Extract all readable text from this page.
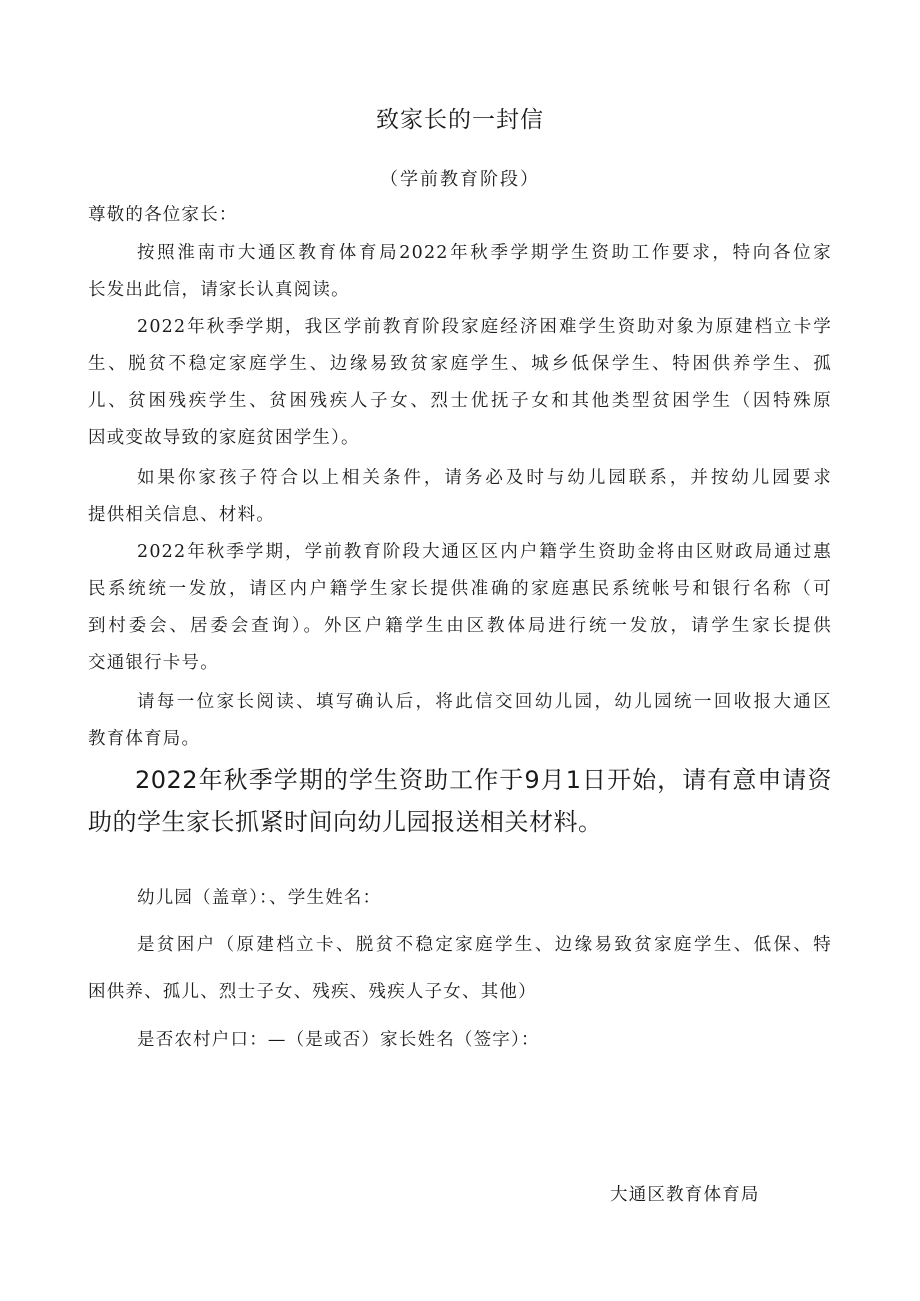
致家长的一封信
（学前教育阶段）
尊敬的各位家长：
按照淮南市大通区教育体育局2022年秋季学期学生资助工作要求，特向各位家
长发出此信，请家长认真阅读。
2022年秋季学期，我区学前教育阶段家庭经济困难学生资助对象为原建档立卡学
生、脱贫不稳定家庭学生、边缘易致贫家庭学生、城乡低保学生、特困供养学生、孤
儿、贫困残疾学生、贫困残疾人子女、烈士优抚子女和其他类型贫困学生（因特殊原
因或变故导致的家庭贫困学生）。
如果你家孩子符合以上相关条件，请务必及时与幼儿园联系，并按幼儿园要求
提供相关信息、材料。
2022年秋季学期，学前教育阶段大通区区内户籍学生资助金将由区财政局通过惠
民系统统一发放，请区内户籍学生家长提供准确的家庭惠民系统帐号和银行名称（可
到村委会、居委会查询）。外区户籍学生由区教体局进行统一发放，请学生家长提供
交通银行卡号。
请每一位家长阅读、填写确认后，将此信交回幼儿园，幼儿园统一回收报大通区
教育体育局。
2022年秋季学期的学生资助工作于9月1日开始，请有意申请资
助的学生家长抓紧时间向幼儿园报送相关材料。
幼儿园（盖章）：、学生姓名：
是贫困户（原建档立卡、脱贫不稳定家庭学生、边缘易致贫家庭学生、低保、特
困供养、孤儿、烈士子女、残疾、残疾人子女、其他）
是否农村户口：—（是或否）家长姓名（签字）：
大通区教育体育局
